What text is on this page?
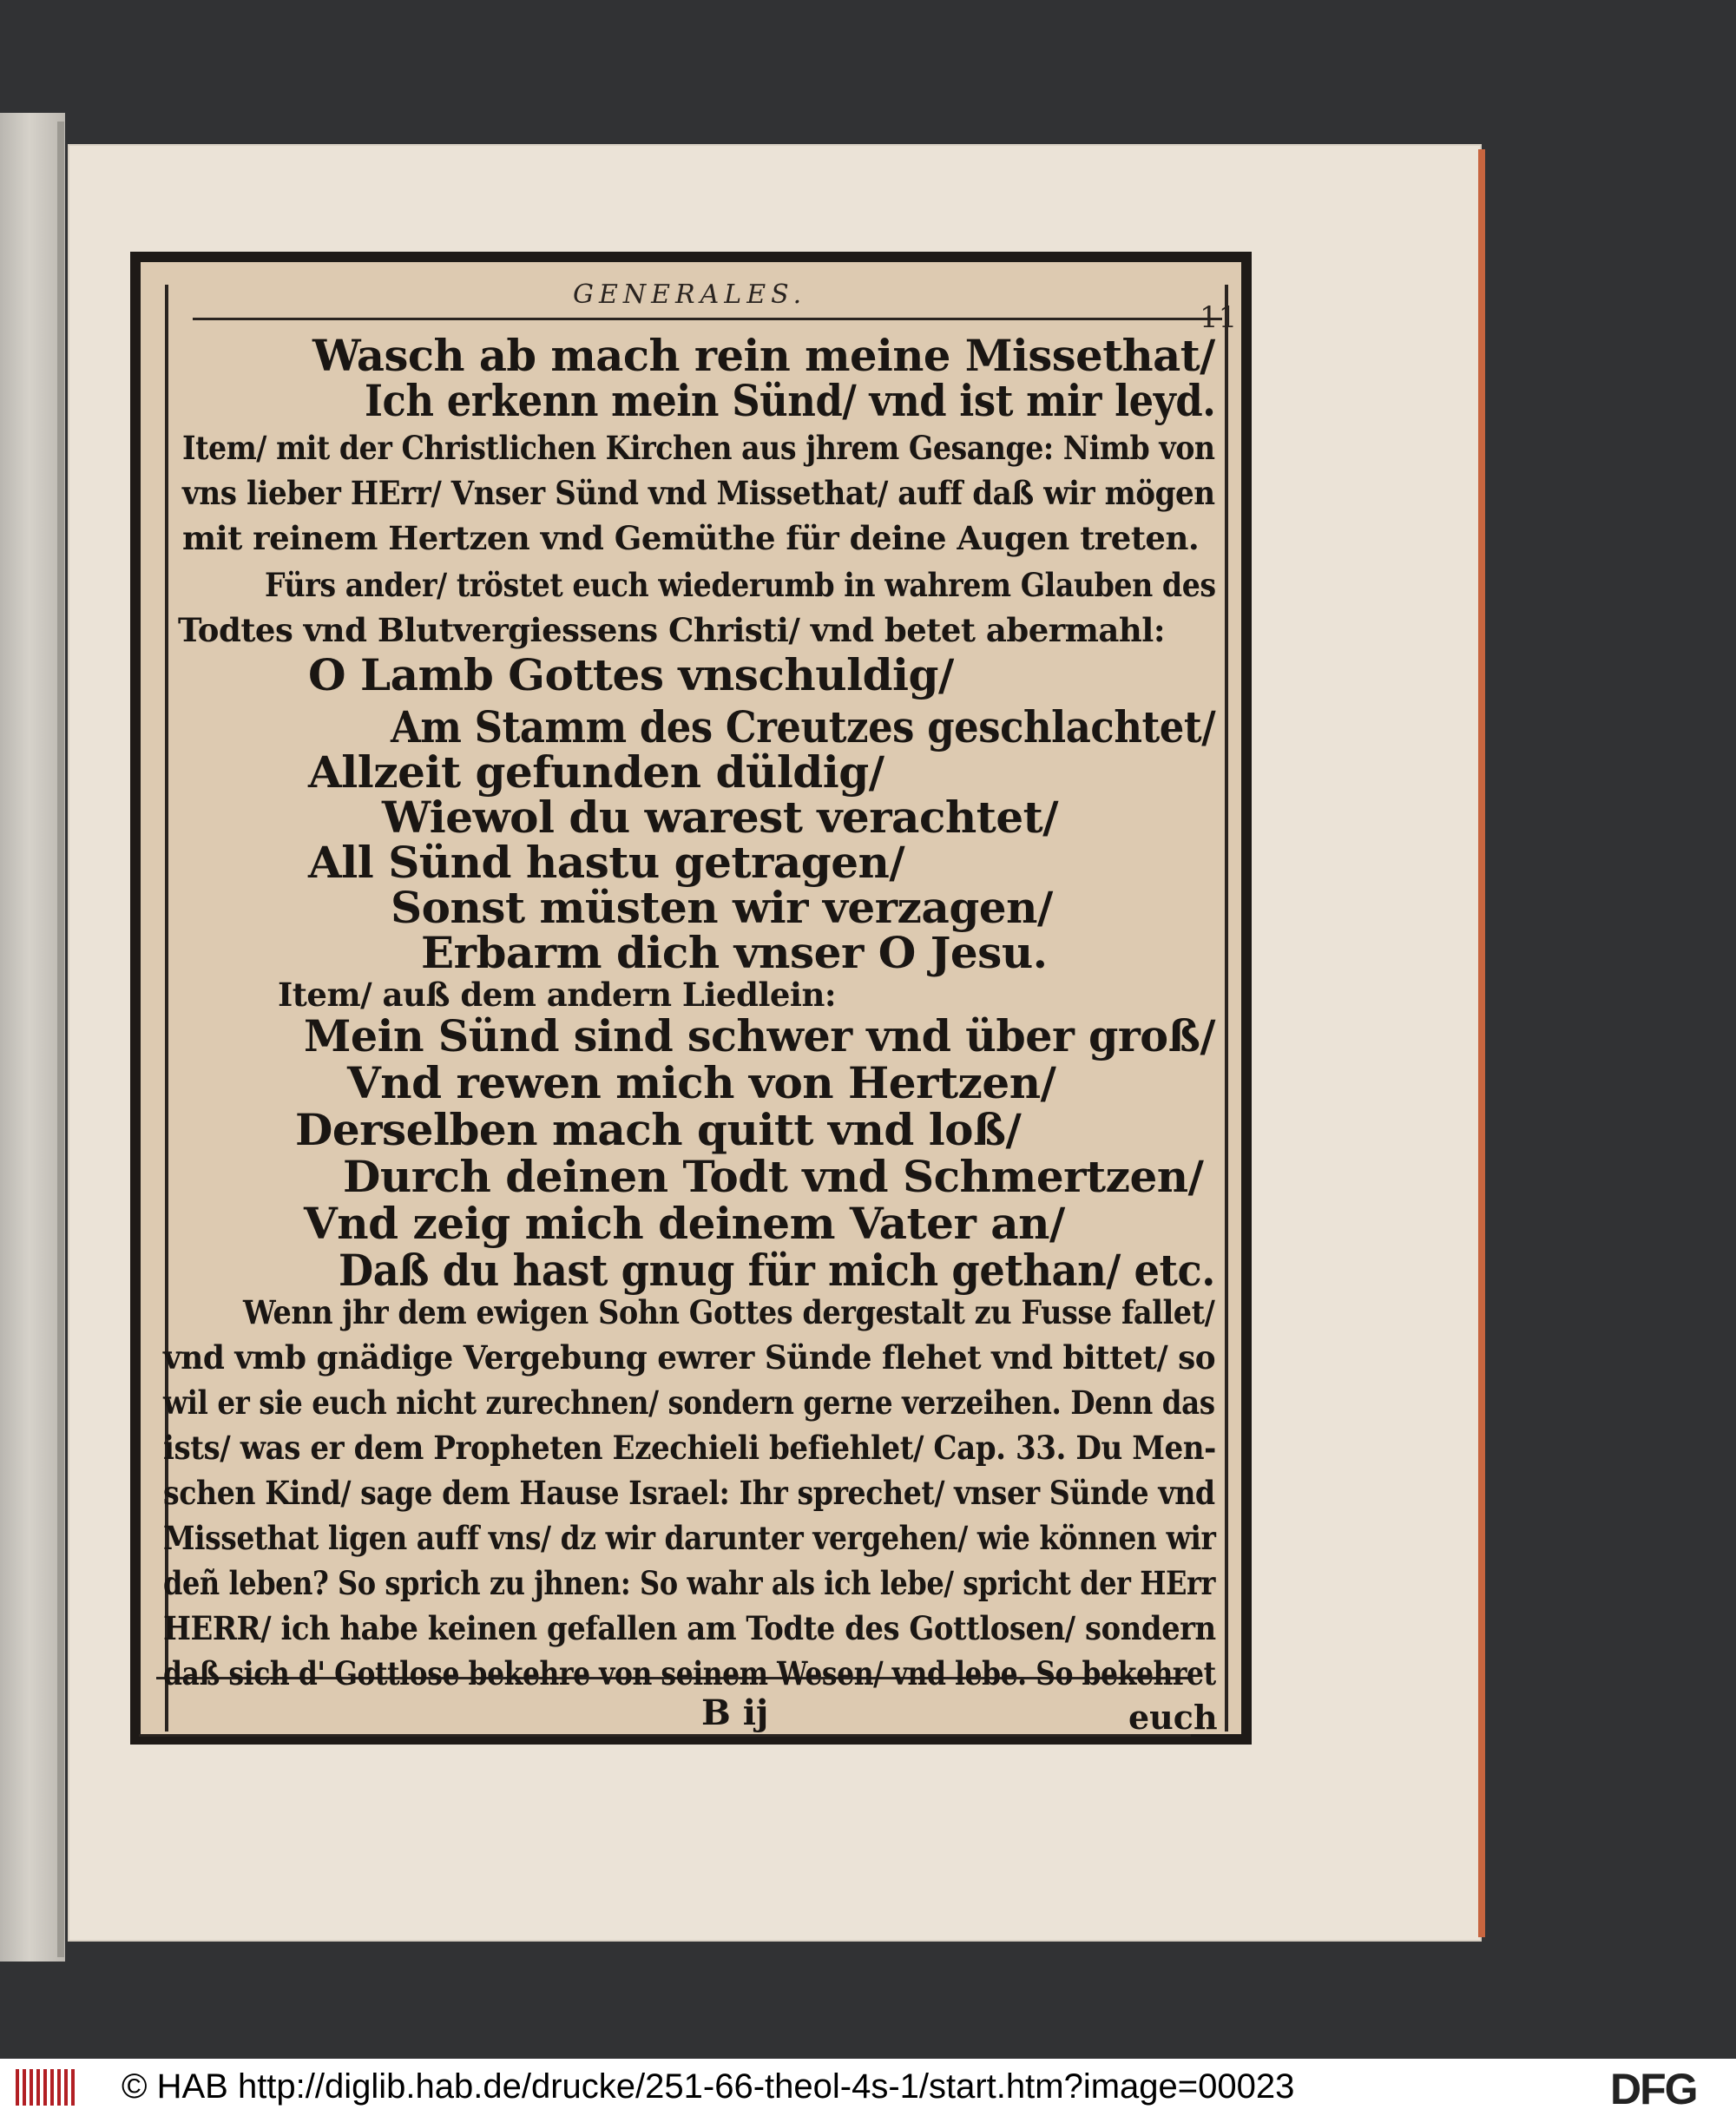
GENERALES.
11
Wasch ab mach rein meine Missethat/
Ich erkenn mein Sünd/ vnd ist mir leyd.
Item/ mit der Christlichen Kirchen aus jhrem Gesange: Nimb von
vns lieber HErr/ Vnser Sünd vnd Missethat/ auff daß wir mögen
mit reinem Hertzen vnd Gemüthe für deine Augen treten.
Fürs ander/ tröstet euch wiederumb in wahrem Glauben des
Todtes vnd Blutvergiessens Christi/ vnd betet abermahl:
O Lamb Gottes vnschuldig/
Am Stamm des Creutzes geschlachtet/
Allzeit gefunden düldig/
Wiewol du warest verachtet/
All Sünd hastu getragen/
Sonst müsten wir verzagen/
Erbarm dich vnser O Jesu.
Item/ auß dem andern Liedlein:
Mein Sünd sind schwer vnd über groß/
Vnd rewen mich von Hertzen/
Derselben mach quitt vnd loß/
Durch deinen Todt vnd Schmertzen/
Vnd zeig mich deinem Vater an/
Daß du hast gnug für mich gethan/ etc.
Wenn jhr dem ewigen Sohn Gottes dergestalt zu Fusse fallet/
vnd vmb gnädige Vergebung ewrer Sünde flehet vnd bittet/ so
wil er sie euch nicht zurechnen/ sondern gerne verzeihen. Denn das
ists/ was er dem Propheten Ezechieli befiehlet/ Cap. 33. Du Men-
schen Kind/ sage dem Hause Israel: Ihr sprechet/ vnser Sünde vnd
Missethat ligen auff vns/ dz wir darunter vergehen/ wie können wir
deñ leben? So sprich zu jhnen: So wahr als ich lebe/ spricht der HErr
HERR/ ich habe keinen gefallen am Todte des Gottlosen/ sondern
daß sich d' Gottlose bekehre von seinem Wesen/ vnd lebe. So bekehret
B ij	euch
© HAB http://diglib.hab.de/drucke/251-66-theol-4s-1/start.htm?image=00023	DFG
